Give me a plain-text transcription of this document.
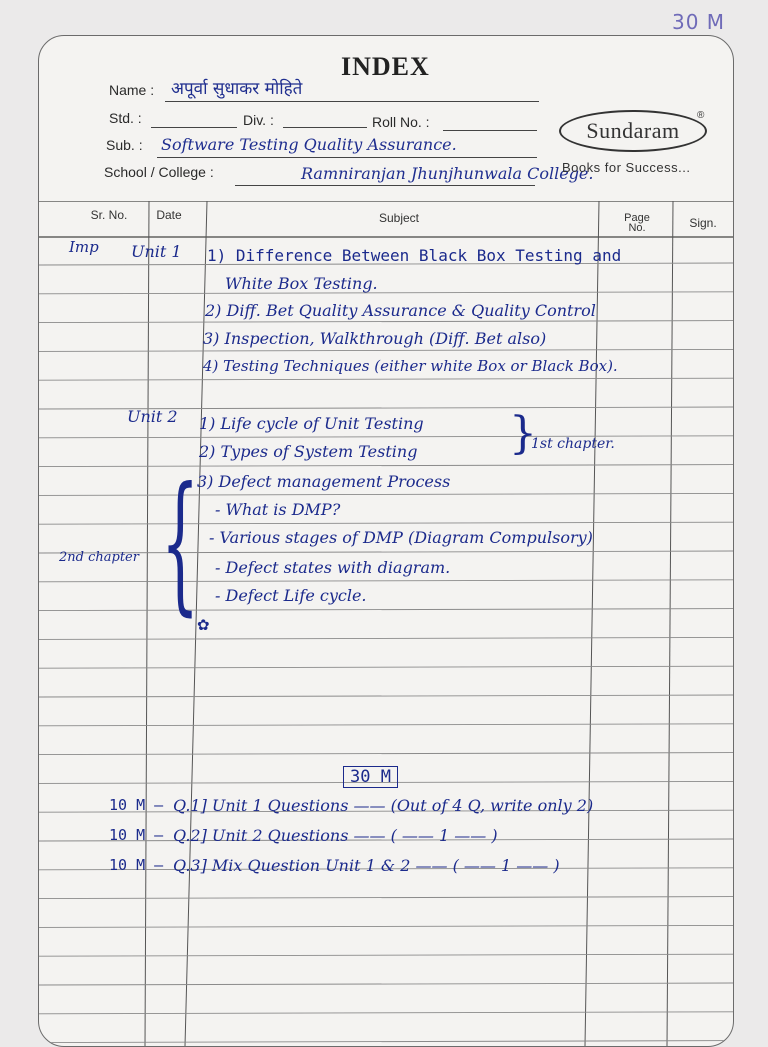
30 M
INDEX
Name : अपूर्वा सुधाकर मोहिते
Std. :	Div. :	Roll No. :
Sub. : Software Testing Quality Assurance.
School / College :	Ramniranjan Jhunjhunwala College.
Sundaram
®
Books for Success...
Sr. No.	Date	Subject	Page No.	Sign.
Imp Unit 1 1) Difference Between Black Box Testing and
White Box Testing.
2) Diff. Bet Quality Assurance & Quality Control
3) Inspection, Walkthrough (Diff. Bet also)
4) Testing Techniques (either white Box or Black Box).
Unit 2 1) Life cycle of Unit Testing
2) Types of System Testing }
1st chapter.
3) Defect management Process
- What is DMP?
2nd chapter { - Various stages of DMP (Diagram Compulsory)
- Defect states with diagram.
- Defect Life cycle.
✿
30 M
10 M — Q.1] Unit 1 Questions —— (Out of 4 Q, write only 2)
10 M — Q.2] Unit 2 Questions —— ( —— 1 —— )
10 M — Q.3] Mix Question Unit 1 & 2 —— ( —— 1 —— )
